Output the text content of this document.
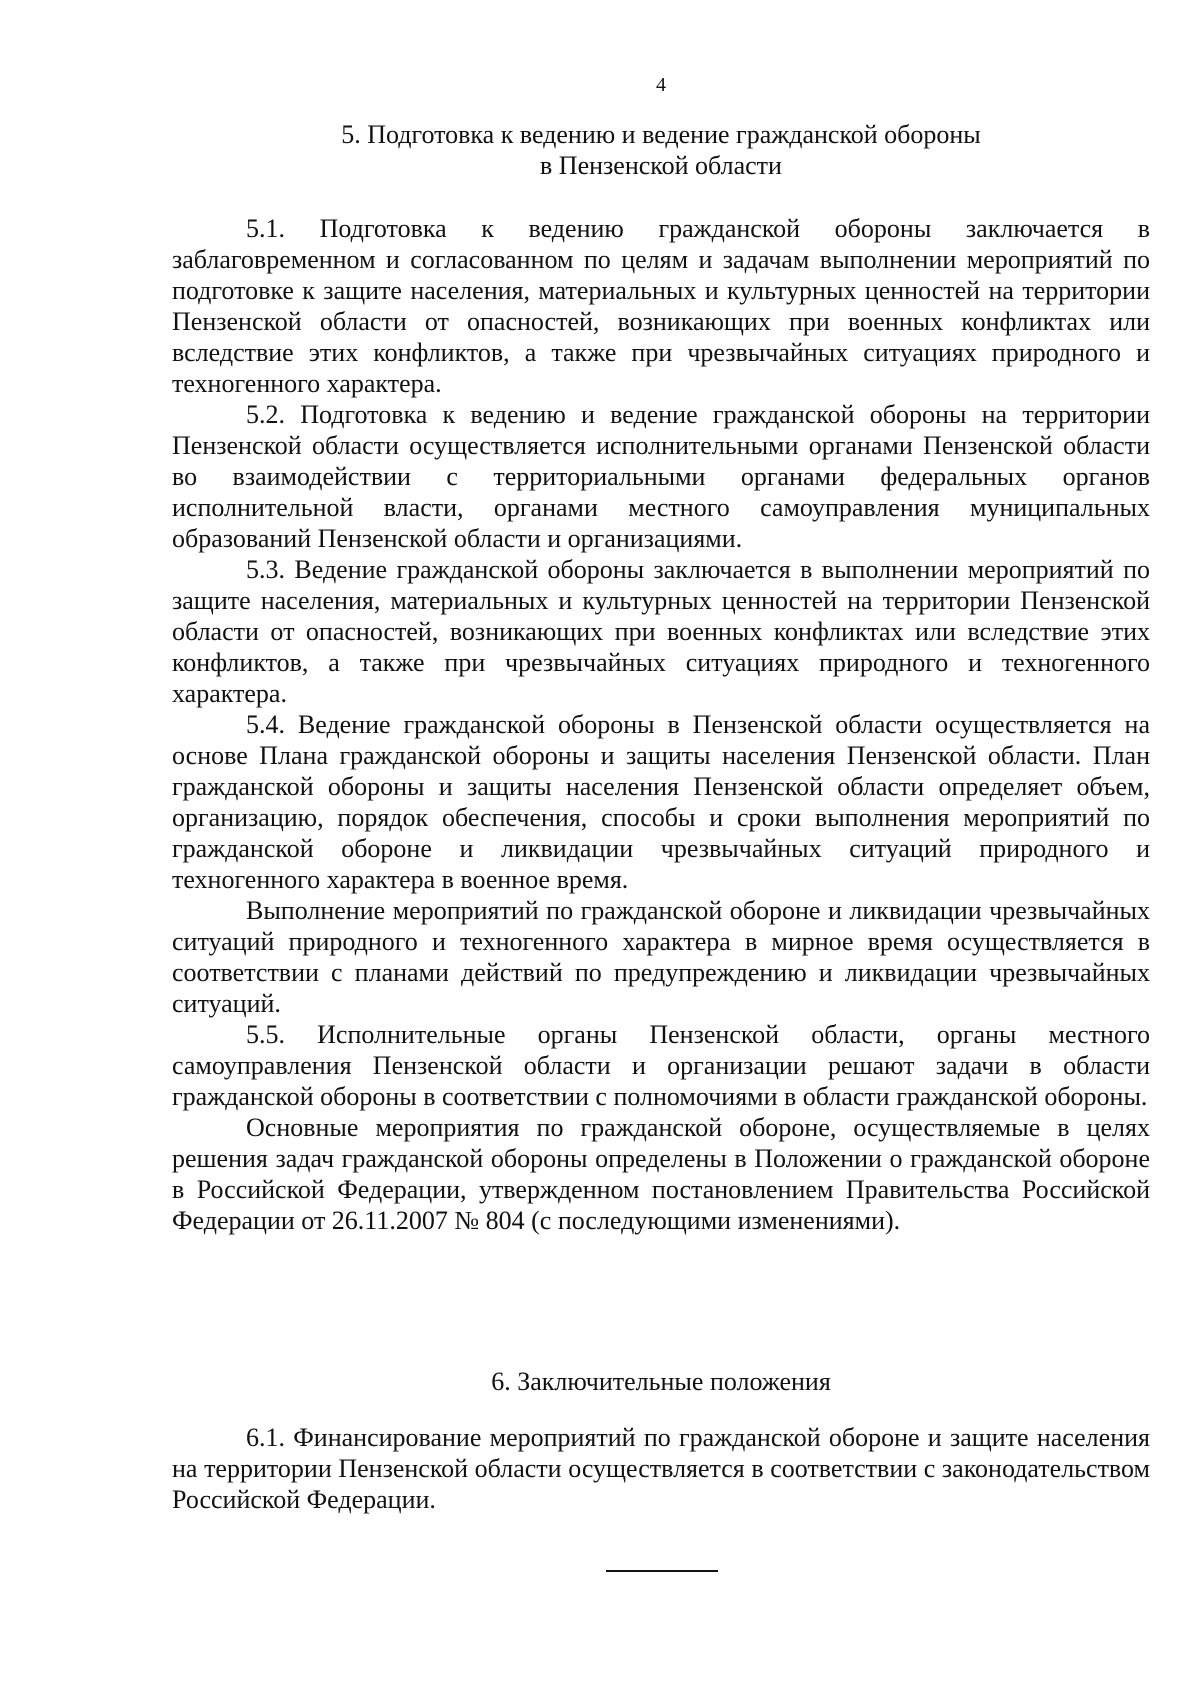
4
5. Подготовка к ведению и ведение гражданской обороны
в Пензенской области

5.1. Подготовка к ведению гражданской обороны заключается в заблаговременном и согласованном по целям и задачам выполнении мероприятий по подготовке к защите населения, материальных и культурных ценностей на территории Пензенской области от опасностей, возникающих при военных конфликтах или вследствие этих конфликтов, а также при чрезвычайных ситуациях природного и техногенного характера.

5.2. Подготовка к ведению и ведение гражданской обороны на территории Пензенской области осуществляется исполнительными органами Пензенской области во взаимодействии с территориальными органами федеральных органов исполнительной власти, органами местного самоуправления муниципальных образований Пензенской области и организациями.

5.3. Ведение гражданской обороны заключается в выполнении мероприятий по защите населения, материальных и культурных ценностей на территории Пензенской области от опасностей, возникающих при военных конфликтах или вследствие этих конфликтов, а также при чрезвычайных ситуациях природного и техногенного характера.

5.4. Ведение гражданской обороны в Пензенской области осуществляется на основе Плана гражданской обороны и защиты населения Пензенской области. План гражданской обороны и защиты населения Пензенской области определяет объем, организацию, порядок обеспечения, способы и сроки выполнения мероприятий по гражданской обороне и ликвидации чрезвычайных ситуаций природного и техногенного характера в военное время.

Выполнение мероприятий по гражданской обороне и ликвидации чрезвычайных ситуаций природного и техногенного характера в мирное время осуществляется в соответствии с планами действий по предупреждению и ликвидации чрезвычайных ситуаций.

5.5. Исполнительные органы Пензенской области, органы местного самоуправления Пензенской области и организации решают задачи в области гражданской обороны в соответствии с полномочиями в области гражданской обороны.

Основные мероприятия по гражданской обороне, осуществляемые в целях решения задач гражданской обороны определены в Положении о гражданской обороне в Российской Федерации, утвержденном постановлением Правительства Российской Федерации от 26.11.2007 № 804 (с последующими изменениями).

6. Заключительные положения

6.1. Финансирование мероприятий по гражданской обороне и защите населения на территории Пензенской области осуществляется в соответствии с законодательством Российской Федерации.
